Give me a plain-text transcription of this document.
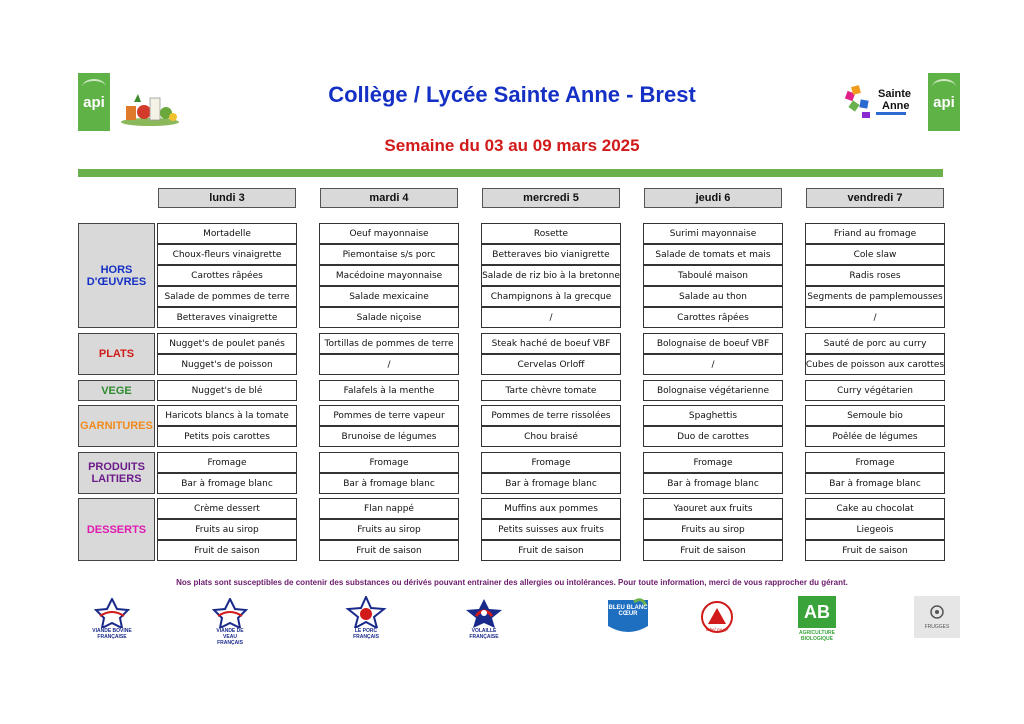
api	Sainte
Anne api
Collège / Lycée Sainte Anne - Brest
Semaine du 03 au 09 mars 2025
lundi 3	mardi 4	mercredi 5	jeudi 6	vendredi 7
HORS
D'ŒUVRES
Mortadelle	Oeuf mayonnaise	Rosette	Surimi mayonnaise	Friand au fromage
Choux-fleurs vinaigrette	Piemontaise s/s porc	Betteraves bio vianigrette	Salade de tomats et mais	Cole slaw
Carottes râpées	Macédoine mayonnaise	Salade de riz bio à la bretonne	Taboulé maison	Radis roses
Salade de pommes de terre	Salade mexicaine	Champignons à la grecque	Salade au thon	Segments de pamplemousses
Betteraves vinaigrette	Salade niçoise	/	Carottes râpées	/
PLATS
Nugget's de poulet panés	Tortillas de pommes de terre	Steak haché de boeuf VBF	Bolognaise de boeuf VBF	Sauté de porc au curry
Nugget's de poisson	/	Cervelas Orloff	/	Cubes de poisson aux carottes
VEGE	Nugget's de blé	Falafels à la menthe	Tarte chèvre tomate	Bolognaise végétarienne	Curry végétarien
GARNITURES
Haricots blancs à la tomate	Pommes de terre vapeur	Pommes de terre rissolées	Spaghettis	Semoule bio
Petits pois carottes	Brunoise de légumes	Chou braisé	Duo de carottes	Poêlée de légumes
PRODUITS
LAITIERS
Fromage	Fromage	Fromage	Fromage	Fromage
Bar à fromage blanc	Bar à fromage blanc	Bar à fromage blanc	Bar à fromage blanc	Bar à fromage blanc
DESSERTS
Crème dessert	Flan nappé	Muffins aux pommes	Yaouret aux fruits	Cake au chocolat
Fruits au sirop	Fruits au sirop	Petits suisses aux fruits	Fruits au sirop	Liegeois
Fruit de saison	Fruit de saison	Fruit de saison	Fruit de saison	Fruit de saison
Nos plats sont susceptibles de contenir des substances ou dérivés pouvant entrainer des allergies ou intolérances. Pour toute information, merci de vous rapprocher du gérant.
VIANDE BOVINE FRANÇAISE
VIANDE DE VEAU FRANÇAIS
LE PORC FRANÇAIS
VOLAILLE FRANÇAISE
BLEU BLANC CŒUR
label rouge
AB
AGRICULTURE BIOLOGIQUE
FRUGGES
